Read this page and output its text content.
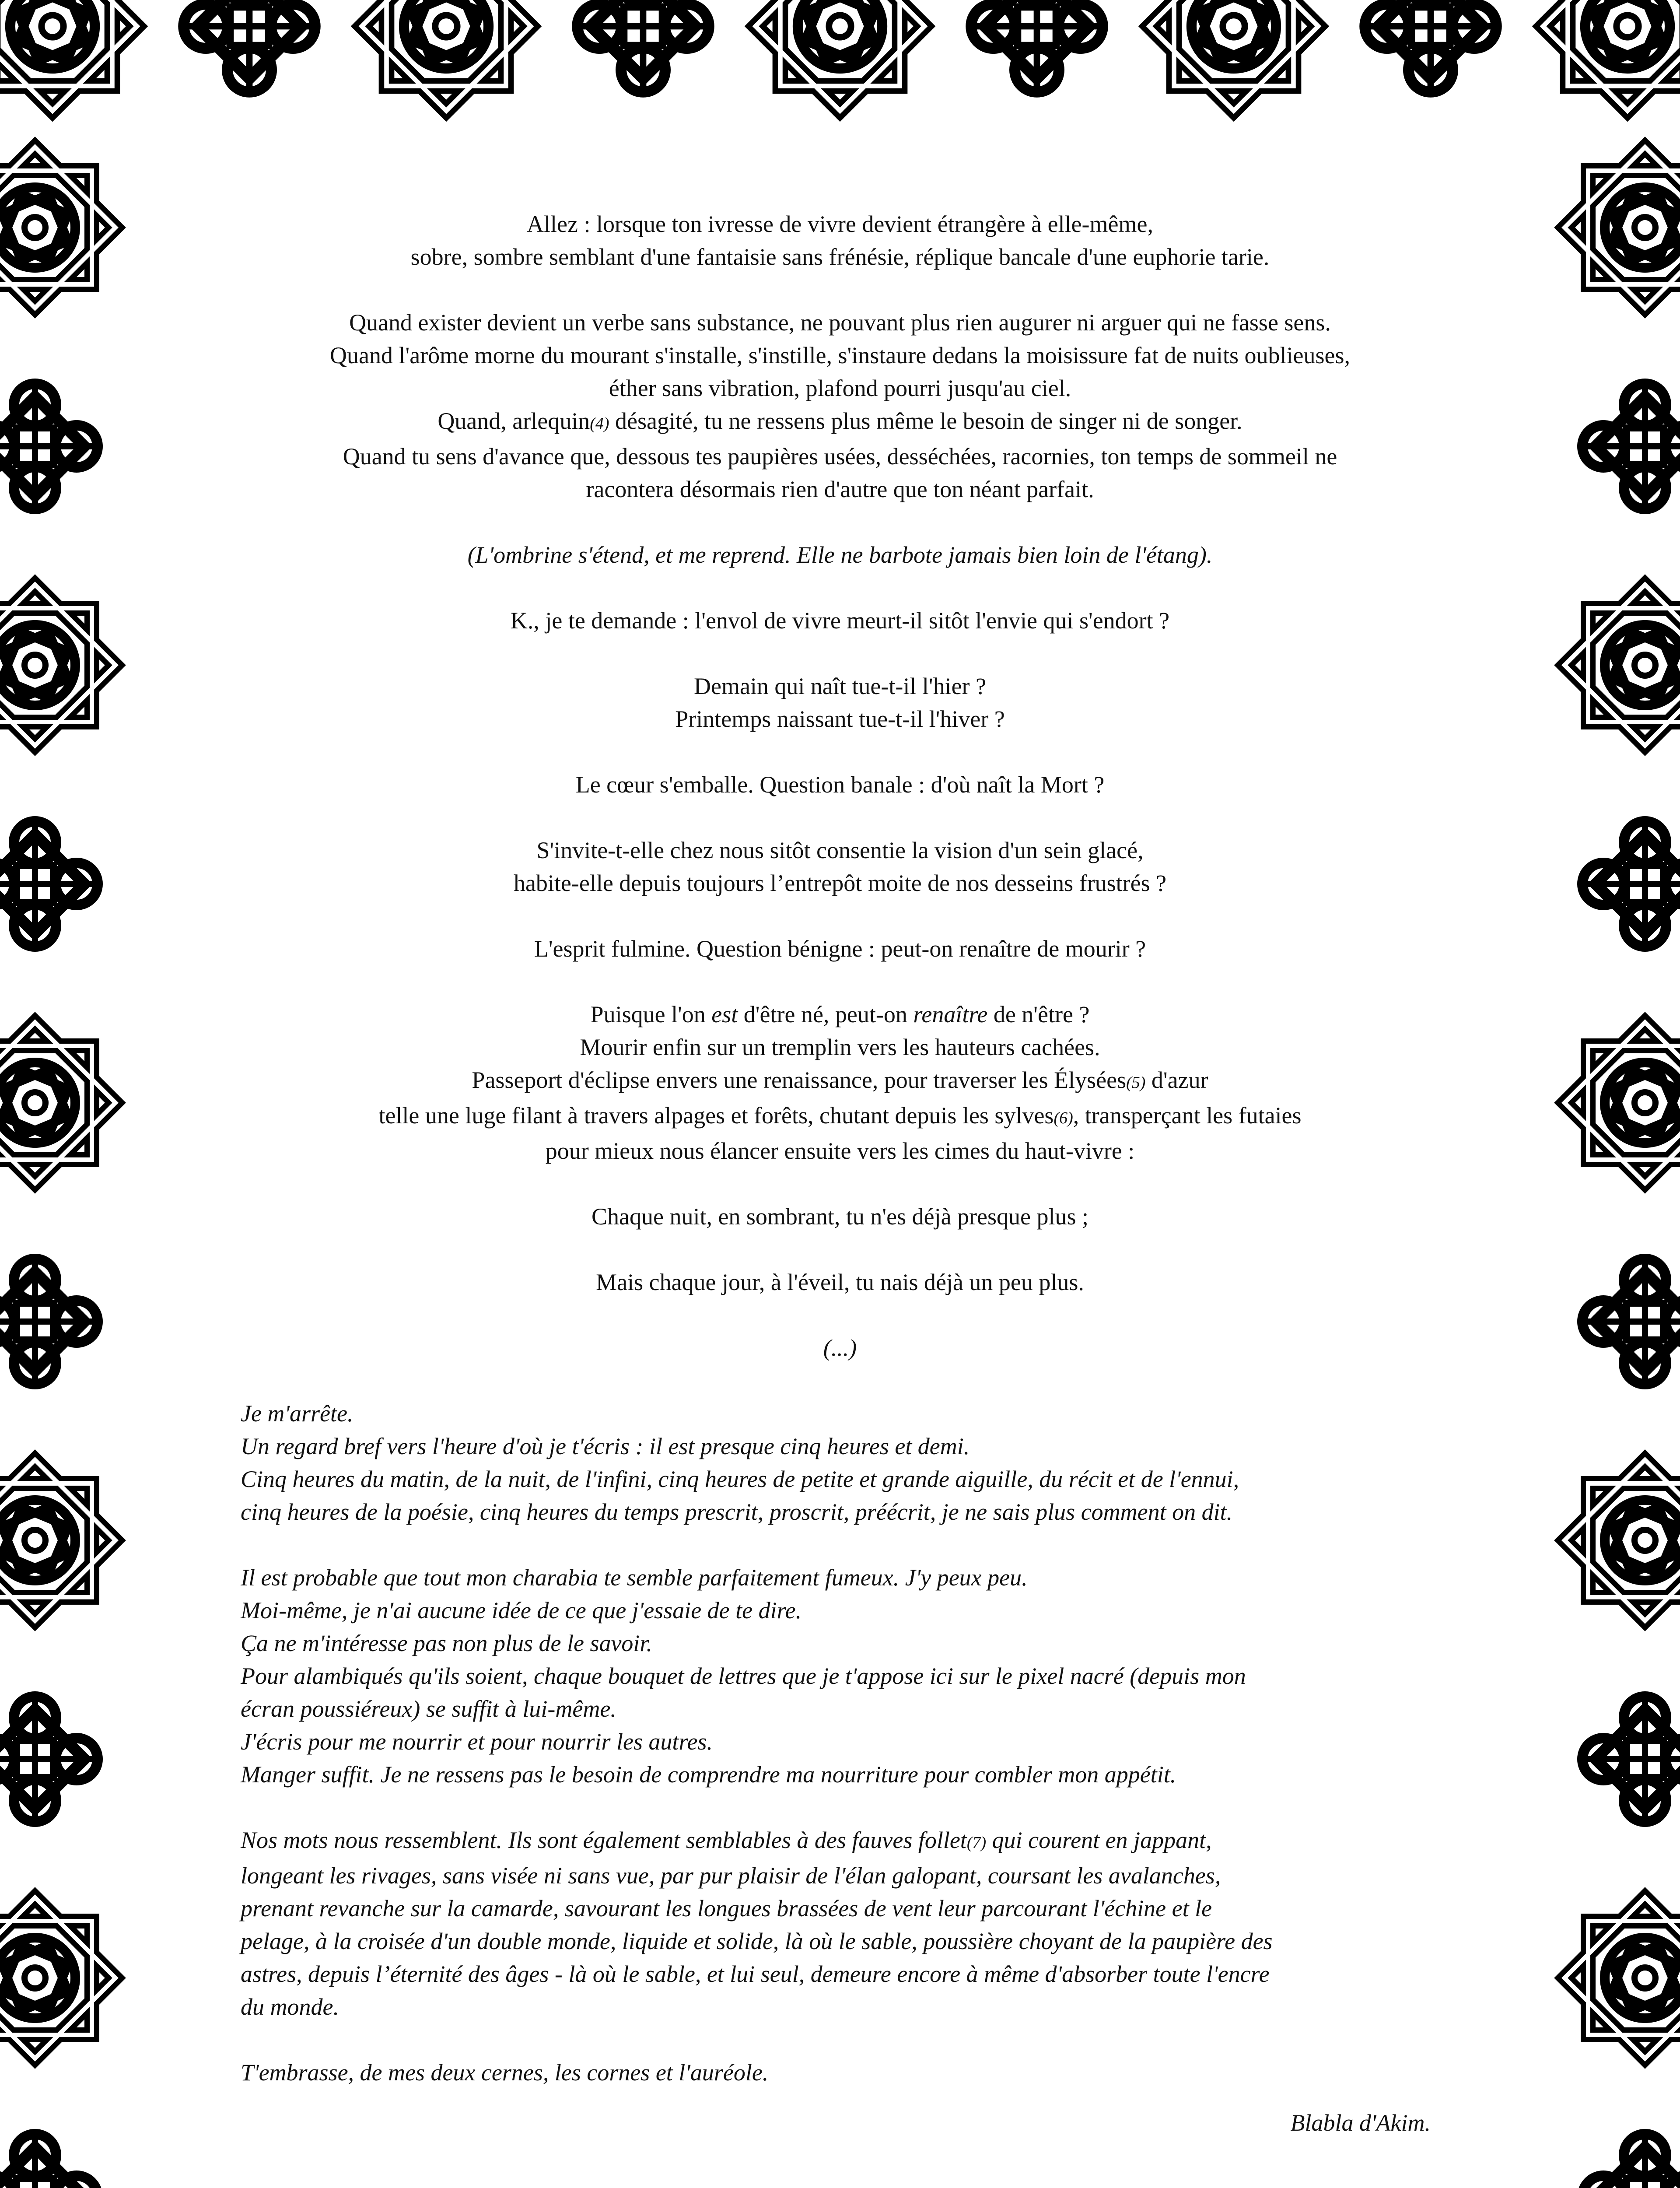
Allez : lorsque ton ivresse de vivre devient étrangère à elle-même,
sobre, sombre semblant d'une fantaisie sans frénésie, réplique bancale d'une euphorie tarie.
Quand exister devient un verbe sans substance, ne pouvant plus rien augurer ni arguer qui ne fasse sens.
Quand l'arôme morne du mourant s'installe, s'instille, s'instaure dedans la moisissure fat de nuits oublieuses,
éther sans vibration, plafond pourri jusqu'au ciel.
Quand, arlequin(4) désagité, tu ne ressens plus même le besoin de singer ni de songer.
Quand tu sens d'avance que, dessous tes paupières usées, desséchées, racornies, ton temps de sommeil ne
racontera désormais rien d'autre que ton néant parfait.
(L'ombrine s'étend, et me reprend. Elle ne barbote jamais bien loin de l'étang).
K., je te demande : l'envol de vivre meurt-il sitôt l'envie qui s'endort ?
Demain qui naît tue-t-il l'hier ?
Printemps naissant tue-t-il l'hiver ?
Le cœur s'emballe. Question banale : d'où naît la Mort ?
S'invite-t-elle chez nous sitôt consentie la vision d'un sein glacé,
habite-elle depuis toujours l’entrepôt moite de nos desseins frustrés ?
L'esprit fulmine. Question bénigne : peut-on renaître de mourir ?
Puisque l'on est d'être né, peut-on renaître de n'être ?
Mourir enfin sur un tremplin vers les hauteurs cachées.
Passeport d'éclipse envers une renaissance, pour traverser les Élysées(5) d'azur
telle une luge filant à travers alpages et forêts, chutant depuis les sylves(6), transperçant les futaies
pour mieux nous élancer ensuite vers les cimes du haut-vivre :
Chaque nuit, en sombrant, tu n'es déjà presque plus ;
Mais chaque jour, à l'éveil, tu nais déjà un peu plus.
(...)
Je m'arrête.
Un regard bref vers l'heure d'où je t'écris : il est presque cinq heures et demi.
Cinq heures du matin, de la nuit, de l'infini, cinq heures de petite et grande aiguille, du récit et de l'ennui,
cinq heures de la poésie, cinq heures du temps prescrit, proscrit, préécrit, je ne sais plus comment on dit.
Il est probable que tout mon charabia te semble parfaitement fumeux. J'y peux peu.
Moi-même, je n'ai aucune idée de ce que j'essaie de te dire.
Ça ne m'intéresse pas non plus de le savoir.
Pour alambiqués qu'ils soient, chaque bouquet de lettres que je t'appose ici sur le pixel nacré (depuis mon
écran poussiéreux) se suffit à lui-même.
J'écris pour me nourrir et pour nourrir les autres.
Manger suffit. Je ne ressens pas le besoin de comprendre ma nourriture pour combler mon appétit.
Nos mots nous ressemblent. Ils sont également semblables à des fauves follet(7) qui courent en jappant,
longeant les rivages, sans visée ni sans vue, par pur plaisir de l'élan galopant, coursant les avalanches,
prenant revanche sur la camarde, savourant les longues brassées de vent leur parcourant l'échine et le
pelage, à la croisée d'un double monde, liquide et solide, là où le sable, poussière choyant de la paupière des
astres, depuis l’éternité des âges - là où le sable, et lui seul, demeure encore à même d'absorber toute l'encre
du monde.
T'embrasse, de mes deux cernes, les cornes et l'auréole.
Blabla d'Akim.
